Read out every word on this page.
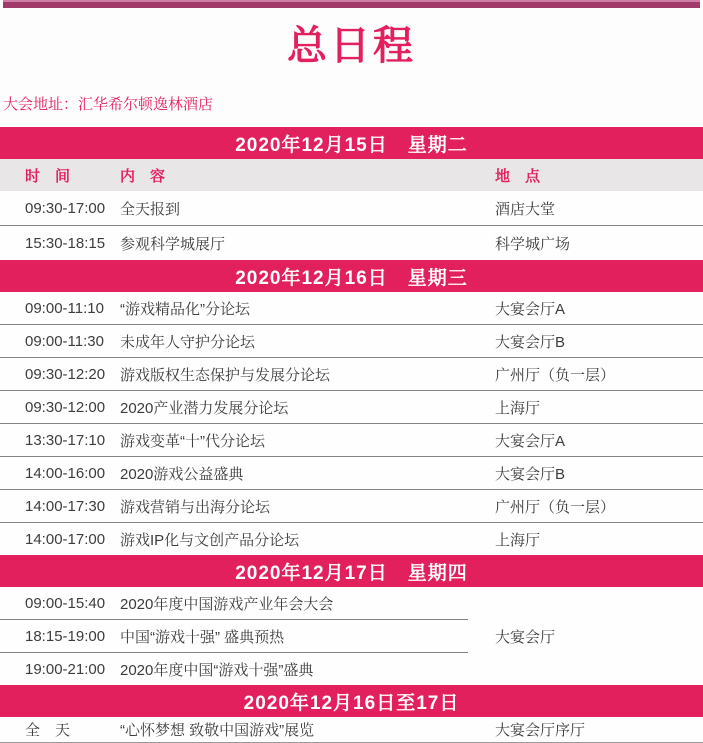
总日程
大会地址：汇华希尔顿逸林酒店
2020年12月15日　星期二
时　间	内　容	地　点
09:30-17:00 全天报到	酒店大堂
15:30-18:15 参观科学城展厅	科学城广场
2020年12月16日　星期三
09:00-11:10	“游戏精品化”分论坛	大宴会厅A
09:00-11:30	未成年人守护分论坛	大宴会厅B
09:30-12:20 游戏版权生态保护与发展分论坛	广州厅（负一层）
09:30-12:00 2020产业潜力发展分论坛	上海厅
13:30-17:10 游戏变革“十”代分论坛	大宴会厅A
14:00-16:00 2020游戏公益盛典	大宴会厅B
14:00-17:30 游戏营销与出海分论坛	广州厅（负一层）
14:00-17:00 游戏IP化与文创产品分论坛	上海厅
2020年12月17日　星期四
09:00-15:40 2020年度中国游戏产业年会大会
18:15-19:00 中国“游戏十强” 盛典预热
19:00-21:00 2020年度中国“游戏十强”盛典
大宴会厅
2020年12月16日至17日
全　天	“心怀梦想 致敬中国游戏”展览	大宴会厅序厅
